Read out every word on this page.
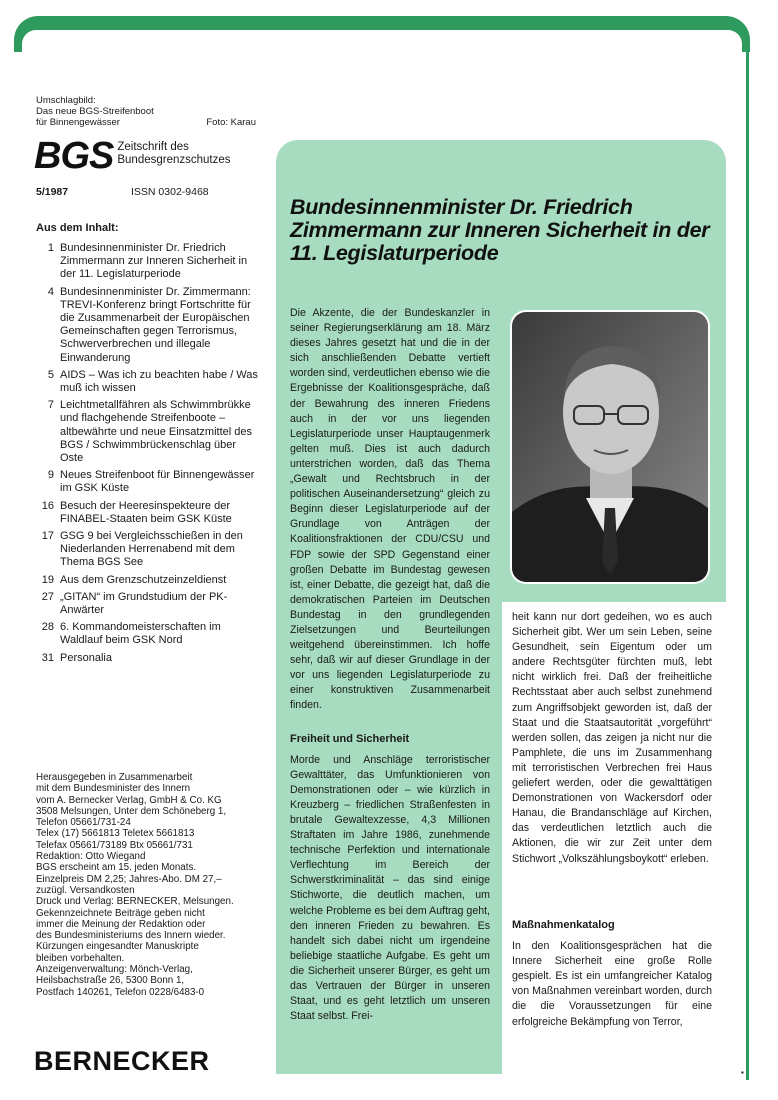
Umschlagbild:
Das neue BGS-Streifenboot
für Binnengewässer	Foto: Karau
BGS Zeitschrift des
Bundesgrenzschutzes
5/1987	ISSN 0302-9468
Aus dem Inhalt:
1 Bundesinnenminister Dr. Friedrich Zimmermann zur Inneren Sicherheit in der 11. Legislaturperiode
4 Bundesinnenminister Dr. Zimmermann: TREVI-Konferenz bringt Fortschritte für die Zusammenarbeit der Europäischen Gemeinschaften gegen Terrorismus, Schwerverbrechen und illegale Einwanderung
5 AIDS – Was ich zu beachten habe / Was muß ich wissen
7 Leichtmetallfähren als Schwimmbrükke und flachgehende Streifenboote – altbewährte und neue Einsatzmittel des BGS / Schwimmbrückenschlag über Oste
9 Neues Streifenboot für Binnengewässer im GSK Küste
16 Besuch der Heeresinspekteure der FINABEL-Staaten beim GSK Küste
17 GSG 9 bei Vergleichsschießen in den Niederlanden Herrenabend mit dem Thema BGS See
19 Aus dem Grenzschutzeinzeldienst
27 „GITAN“ im Grundstudium der PK-Anwärter
28 6. Kommandomeisterschaften im Waldlauf beim GSK Nord
31 Personalia
Herausgegeben in Zusammenarbeit
mit dem Bundesminister des Innern
vom A. Bernecker Verlag, GmbH & Co. KG
3508 Melsungen, Unter dem Schöneberg 1,
Telefon 05661/731-24
Telex (17) 5661813 Teletex 5661813
Telefax 05661/73189 Btx 05661/731
Redaktion: Otto Wiegand
BGS erscheint am 15. jeden Monats.
Einzelpreis DM 2,25; Jahres-Abo. DM 27,–
zuzügl. Versandkosten
Druck und Verlag: BERNECKER, Melsungen.
Gekennzeichnete Beiträge geben nicht
immer die Meinung der Redaktion oder
des Bundesministeriums des Innern wieder.
Kürzungen eingesandter Manuskripte
bleiben vorbehalten.
Anzeigenverwaltung: Mönch-Verlag,
Heilsbachstraße 26, 5300 Bonn 1,
Postfach 140261, Telefon 0228/6483-0
BERNECKER
Bundesinnenminister Dr. Friedrich Zimmermann zur Inneren Sicherheit in der 11. Legislaturperiode
Die Akzente, die der Bundeskanzler in seiner Regierungserklärung am 18. März dieses Jahres gesetzt hat und die in der sich anschließenden Debatte vertieft worden sind, verdeutlichen ebenso wie die Ergebnisse der Koalitionsgespräche, daß der Bewahrung des inneren Friedens auch in der vor uns liegenden Legislaturperiode unser Hauptaugenmerk gelten muß. Dies ist auch dadurch unterstrichen worden, daß das Thema „Gewalt und Rechtsbruch in der politischen Auseinandersetzung“ gleich zu Beginn dieser Legislaturperiode auf der Grundlage von Anträgen der Koalitionsfraktionen der CDU/CSU und FDP sowie der SPD Gegenstand einer großen Debatte im Bundestag gewesen ist, einer Debatte, die gezeigt hat, daß die demokratischen Parteien im Deutschen Bundestag in den grundlegenden Zielsetzungen und Beurteilungen weitgehend übereinstimmen. Ich hoffe sehr, daß wir auf dieser Grundlage in der vor uns liegenden Legislaturperiode zu einer konstruktiven Zusammenarbeit finden.
Freiheit und Sicherheit
Morde und Anschläge terroristischer Gewalttäter, das Umfunktionieren von Demonstrationen oder – wie kürzlich in Kreuzberg – friedlichen Straßenfesten in brutale Gewaltexzesse, 4,3 Millionen Straftaten im Jahre 1986, zunehmende technische Perfektion und internationale Verflechtung im Bereich der Schwerstkriminalität – das sind einige Stichworte, die deutlich machen, um welche Probleme es bei dem Auftrag geht, den inneren Frieden zu bewahren. Es handelt sich dabei nicht um irgendeine beliebige staatliche Aufgabe. Es geht um die Sicherheit unserer Bürger, es geht um das Vertrauen der Bürger in unseren Staat, und es geht letztlich um unseren Staat selbst. Frei-
heit kann nur dort gedeihen, wo es auch Sicherheit gibt. Wer um sein Leben, seine Gesundheit, sein Eigentum oder um andere Rechtsgüter fürchten muß, lebt nicht wirklich frei. Daß der freiheitliche Rechtsstaat aber auch selbst zunehmend zum Angriffsobjekt geworden ist, daß der Staat und die Staatsautorität „vorgeführt“ werden sollen, das zeigen ja nicht nur die Pamphlete, die uns im Zusammenhang mit terroristischen Verbrechen frei Haus geliefert werden, oder die gewalttätigen Demonstrationen von Wackersdorf oder Hanau, die Brandanschläge auf Kirchen, das verdeutlichen letztlich auch die Aktionen, die wir zur Zeit unter dem Stichwort „Volkszählungsboykott“ erleben.
Maßnahmenkatalog
In den Koalitionsgesprächen hat die Innere Sicherheit eine große Rolle gespielt. Es ist ein umfangreicher Katalog von Maßnahmen vereinbart worden, durch die die Voraussetzungen für eine erfolgreiche Bekämpfung von Terror,
▪
